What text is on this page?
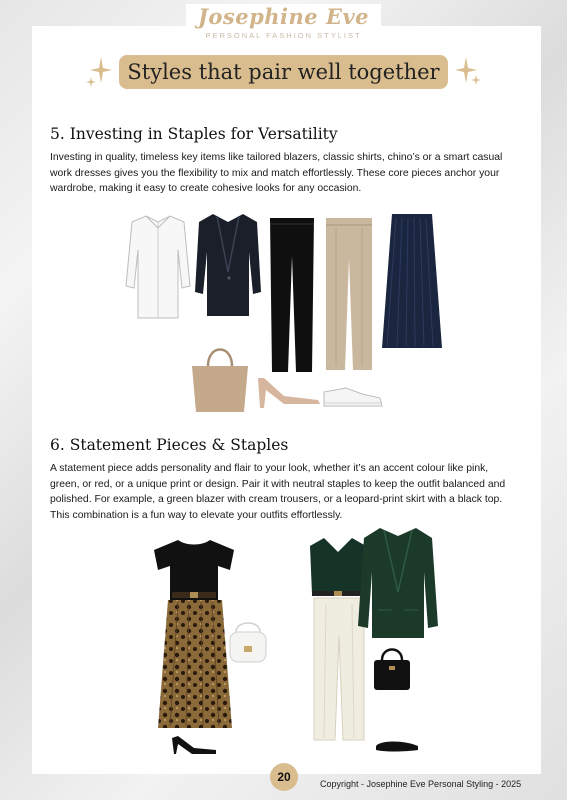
Josephine Eve
PERSONAL FASHION STYLIST
Styles that pair well together
5. Investing in Staples for Versatility

Investing in quality, timeless key items like tailored blazers, classic shirts, chino’s or a smart casual work dresses gives you the flexibility to mix and match effortlessly. These core pieces anchor your wardrobe, making it easy to create cohesive looks for any occasion.

6. Statement Pieces & Staples

A statement piece adds personality and flair to your look, whether it’s an accent colour like pink, green, or red, or a unique print or design. Pair it with neutral staples to keep the outfit balanced and polished. For example, a green blazer with cream trousers, or a leopard-print skirt with a black top. This combination is a fun way to elevate your outfits effortlessly.

20	Copyright - Josephine Eve Personal Styling - 2025
